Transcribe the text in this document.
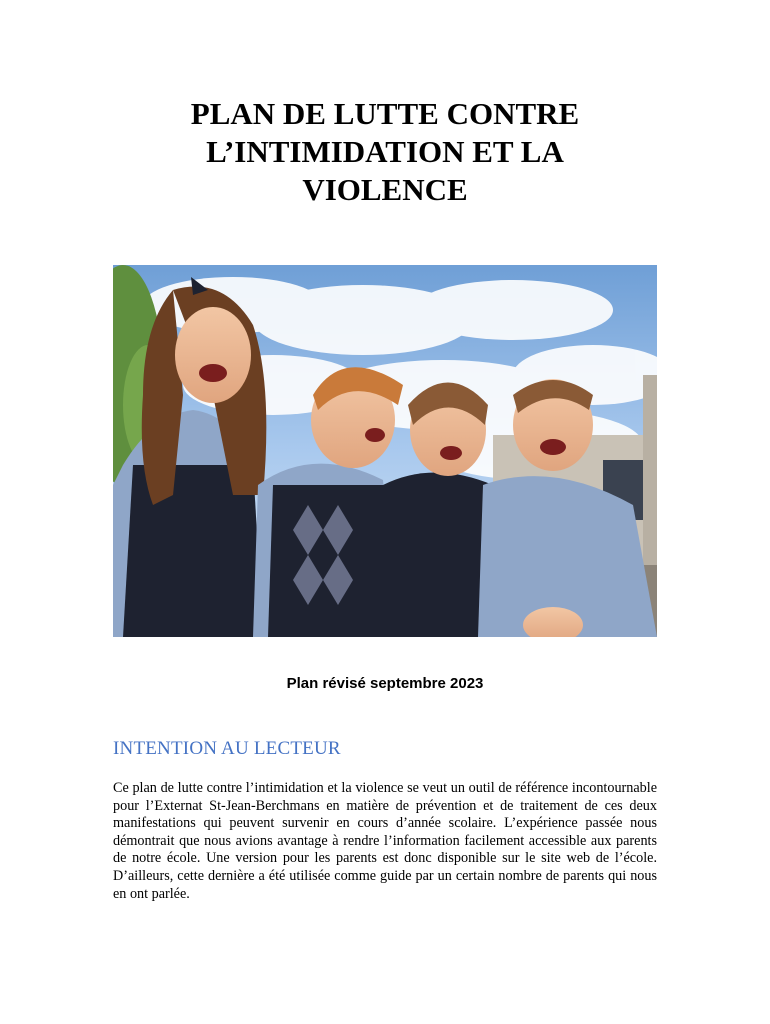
PLAN DE LUTTE CONTRE
L’INTIMIDATION ET LA
VIOLENCE

Plan révisé septembre 2023

INTENTION AU LECTEUR

Ce plan de lutte contre l’intimidation et la violence se veut un outil de référence incontournable pour l’Externat St-Jean-Berchmans en matière de prévention et de traitement de ces deux manifestations qui peuvent survenir en cours d’année scolaire. L’expérience passée nous démontrait que nous avions avantage à rendre l’information facilement accessible aux parents de notre école. Une version pour les parents est donc disponible sur le site web de l’école. D’ailleurs, cette dernière a été utilisée comme guide par un certain nombre de parents qui nous en ont parlée.
